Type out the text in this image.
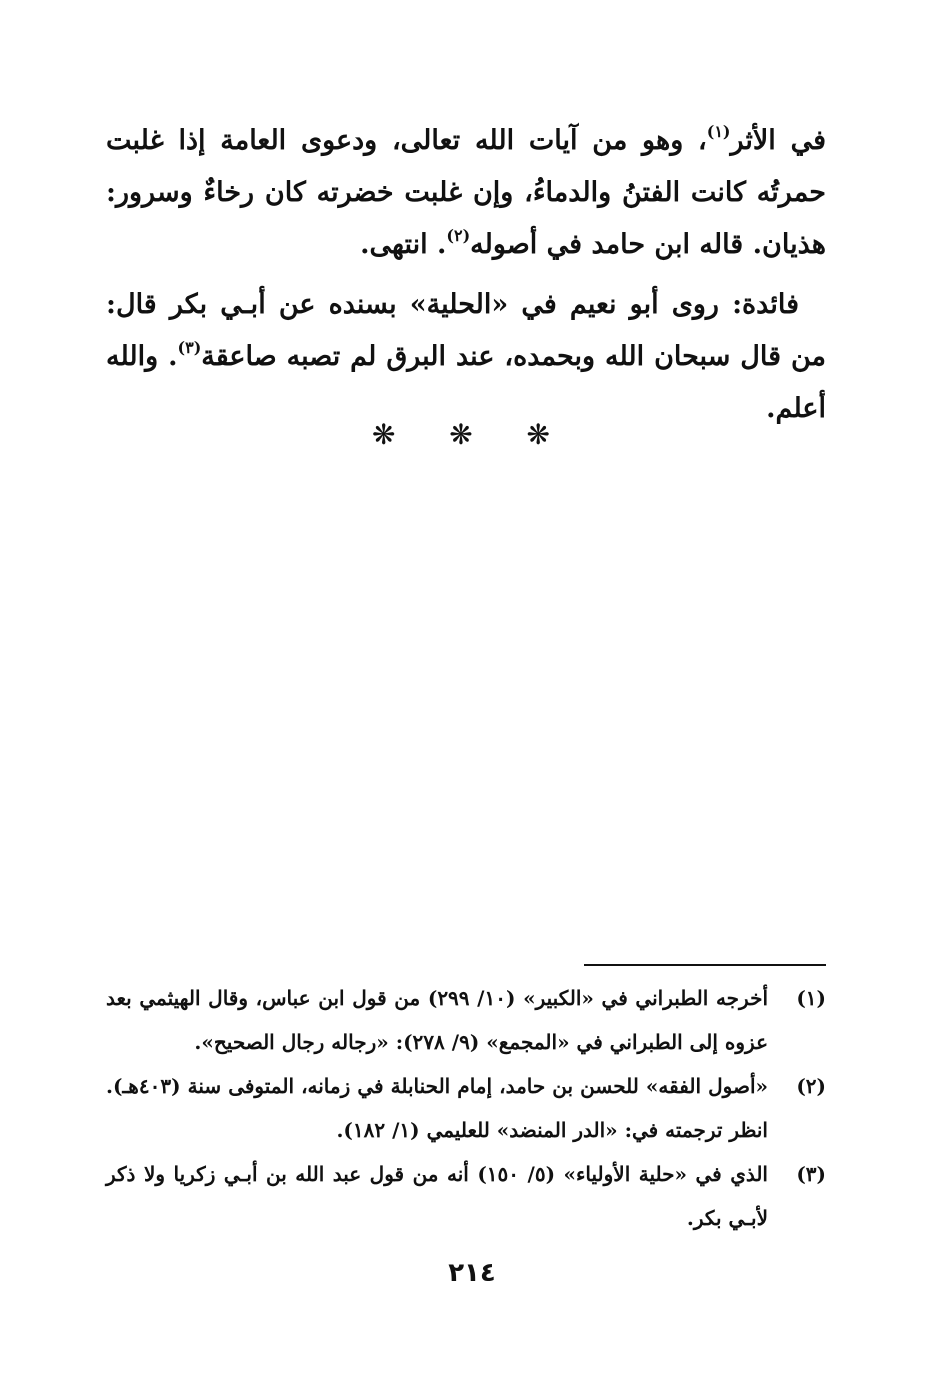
في الأثر$^{(١)}$، وهو من آيات الله تعالى، ودعوى العامة إذا غلبت حمرتُه كانت الفتنُ والدماءُ، وإن غلبت خضرته كان رخاءٌ وسرور: هذيان. قاله ابن حامد في أصوله$^{(٢)}$. انتهى.

 فائدة: روى أبو نعيم في «الحلية» بسنده عن أبـي بكر قال: من قال سبحان الله وبحمده، عند البرق لم تصبه صاعقة$^{(٣)}$. والله أعلم.

❋ ❋ ❋
(١)
أخرجه الطبراني في «الكبير» (١٠/ ٢٩٩) من قول ابن عباس، وقال الهيثمي بعد عزوه إلى الطبراني في «المجمع» (٩/ ٢٧٨): «رجاله رجال الصحيح».
(٢)
«أصول الفقه» للحسن بن حامد، إمام الحنابلة في زمانه، المتوفى سنة (٤٠٣هـ). انظر ترجمته في: «الدر المنضد» للعليمي (١/ ١٨٢).
(٣)
الذي في «حلية الأولياء» (٥/ ١٥٠) أنه من قول عبد الله بن أبـي زكريا ولا ذكر لأبـي بكر.
٢١٤
